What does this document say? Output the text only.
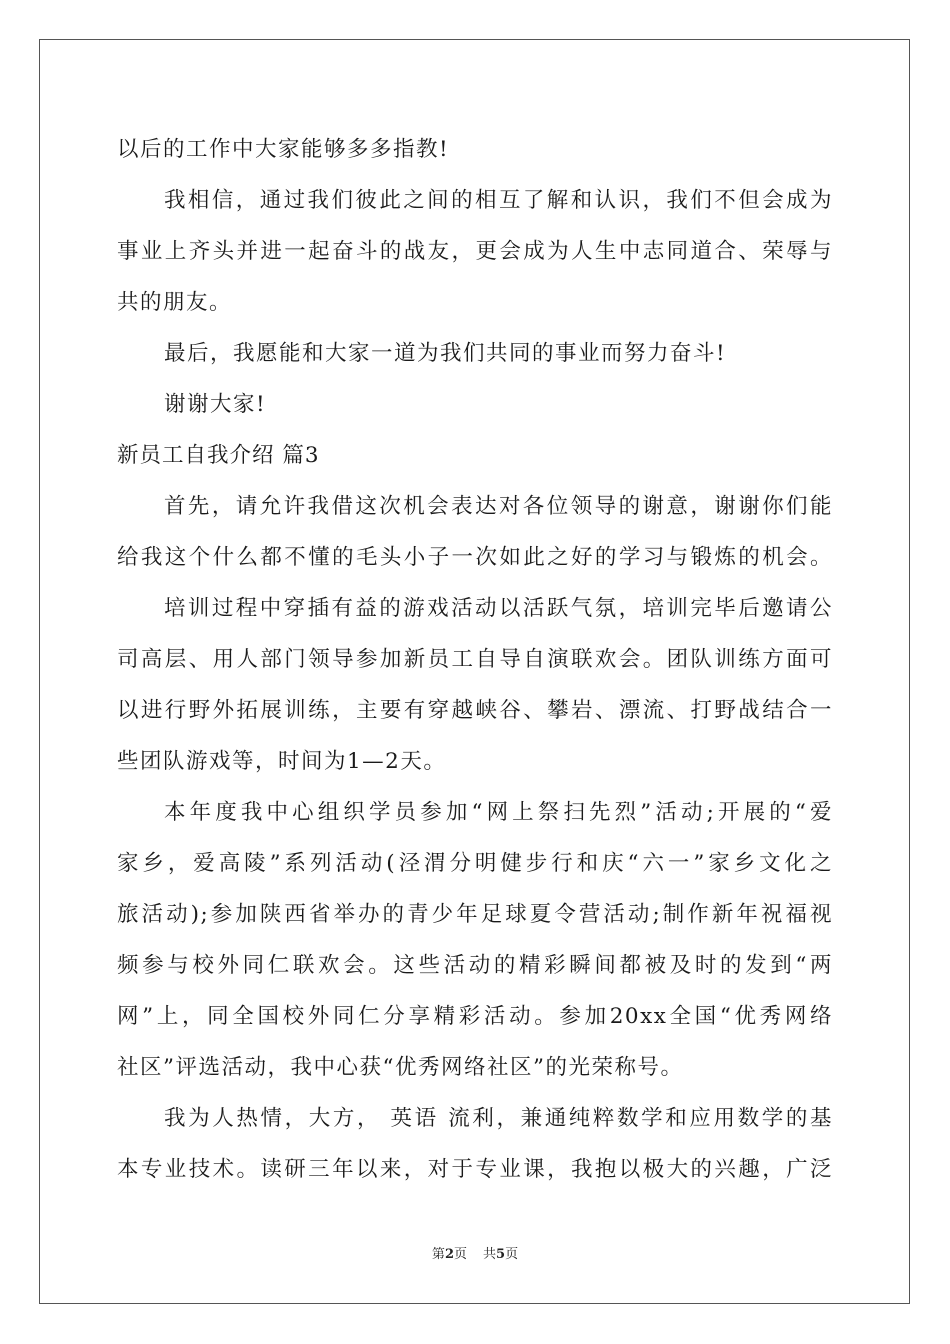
以后的工作中大家能够多多指教!
我相信，通过我们彼此之间的相互了解和认识，我们不但会成为
事业上齐头并进一起奋斗的战友，更会成为人生中志同道合、荣辱与
共的朋友。
最后，我愿能和大家一道为我们共同的事业而努力奋斗!
谢谢大家!
新员工自我介绍 篇3
首先，请允许我借这次机会表达对各位领导的谢意，谢谢你们能
给我这个什么都不懂的毛头小子一次如此之好的学习与锻炼的机会。
培训过程中穿插有益的游戏活动以活跃气氛，培训完毕后邀请公
司高层、用人部门领导参加新员工自导自演联欢会。团队训练方面可
以进行野外拓展训练，主要有穿越峡谷、攀岩、漂流、打野战结合一
些团队游戏等，时间为1—2天。
本年度我中心组织学员参加“网上祭扫先烈”活动;开展的“爱
家乡，爱高陵”系列活动(泾渭分明健步行和庆“六一”家乡文化之
旅活动);参加陕西省举办的青少年足球夏令营活动;制作新年祝福视
频参与校外同仁联欢会。这些活动的精彩瞬间都被及时的发到“两
网”上，同全国校外同仁分享精彩活动。参加20xx全国“优秀网络
社区”评选活动，我中心获“优秀网络社区”的光荣称号。
我为人热情，大方， 英语 流利，兼通纯粹数学和应用数学的基
本专业技术。读研三年以来，对于专业课，我抱以极大的兴趣，广泛
第2页 共5页
